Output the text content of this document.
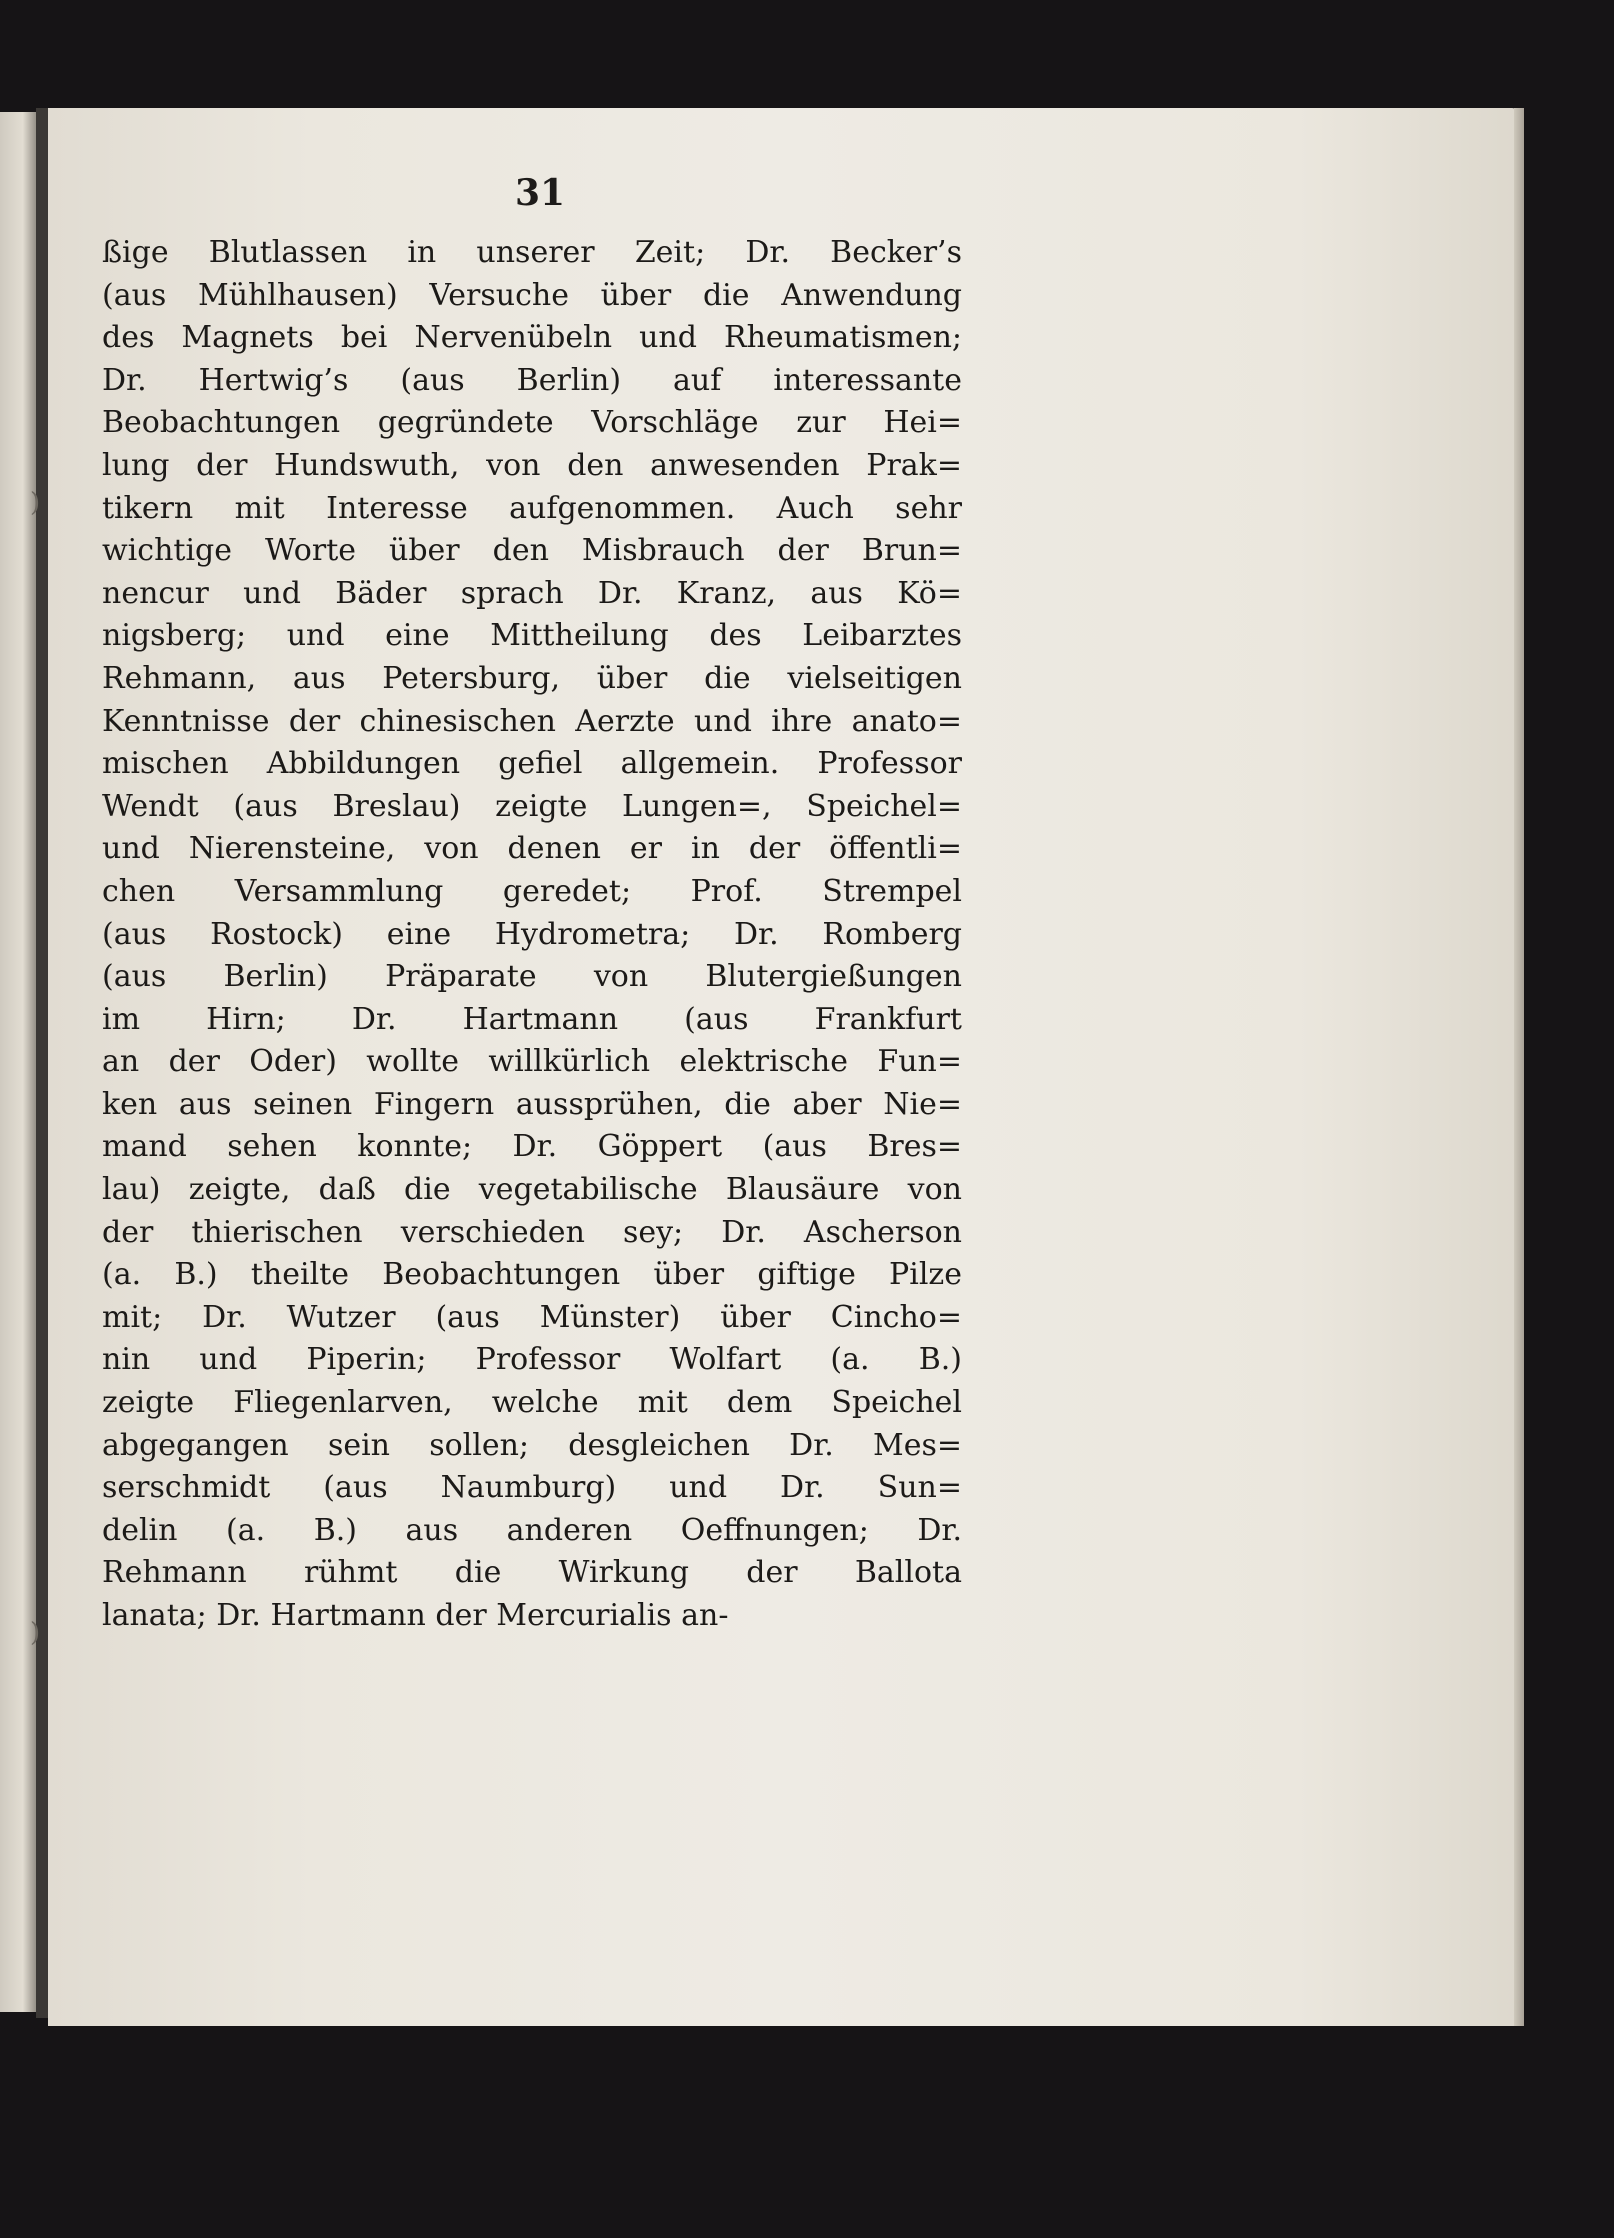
)
)
31
ßige Blutlassen in unserer Zeit; Dr. Becker’s
(aus Mühlhausen) Versuche über die Anwendung
des Magnets bei Nervenübeln und Rheumatismen;
Dr. Hertwig’s (aus Berlin) auf interessante
Beobachtungen gegründete Vorschläge zur Hei=
lung der Hundswuth, von den anwesenden Prak=
tikern mit Interesse aufgenommen. Auch sehr
wichtige Worte über den Misbrauch der Brun=
nencur und Bäder sprach Dr. Kranz, aus Kö=
nigsberg; und eine Mittheilung des Leibarztes
Rehmann, aus Petersburg, über die vielseitigen
Kenntnisse der chinesischen Aerzte und ihre anato=
mischen Abbildungen gefiel allgemein. Professor
Wendt (aus Breslau) zeigte Lungen=, Speichel=
und Nierensteine, von denen er in der öffentli=
chen Versammlung geredet; Prof. Strempel
(aus Rostock) eine Hydrometra; Dr. Romberg
(aus Berlin) Präparate von Blutergießungen
im Hirn; Dr. Hartmann (aus Frankfurt
an der Oder) wollte willkürlich elektrische Fun=
ken aus seinen Fingern aussprühen, die aber Nie=
mand sehen konnte; Dr. Göppert (aus Bres=
lau) zeigte, daß die vegetabilische Blausäure von
der thierischen verschieden sey; Dr. Ascherson
(a. B.) theilte Beobachtungen über giftige Pilze
mit; Dr. Wutzer (aus Münster) über Cincho=
nin und Piperin; Professor Wolfart (a. B.)
zeigte Fliegenlarven, welche mit dem Speichel
abgegangen sein sollen; desgleichen Dr. Mes=
serschmidt (aus Naumburg) und Dr. Sun=
delin (a. B.) aus anderen Oeffnungen; Dr.
Rehmann rühmt die Wirkung der Ballota
lanata; Dr. Hartmann der Mercurialis an-
